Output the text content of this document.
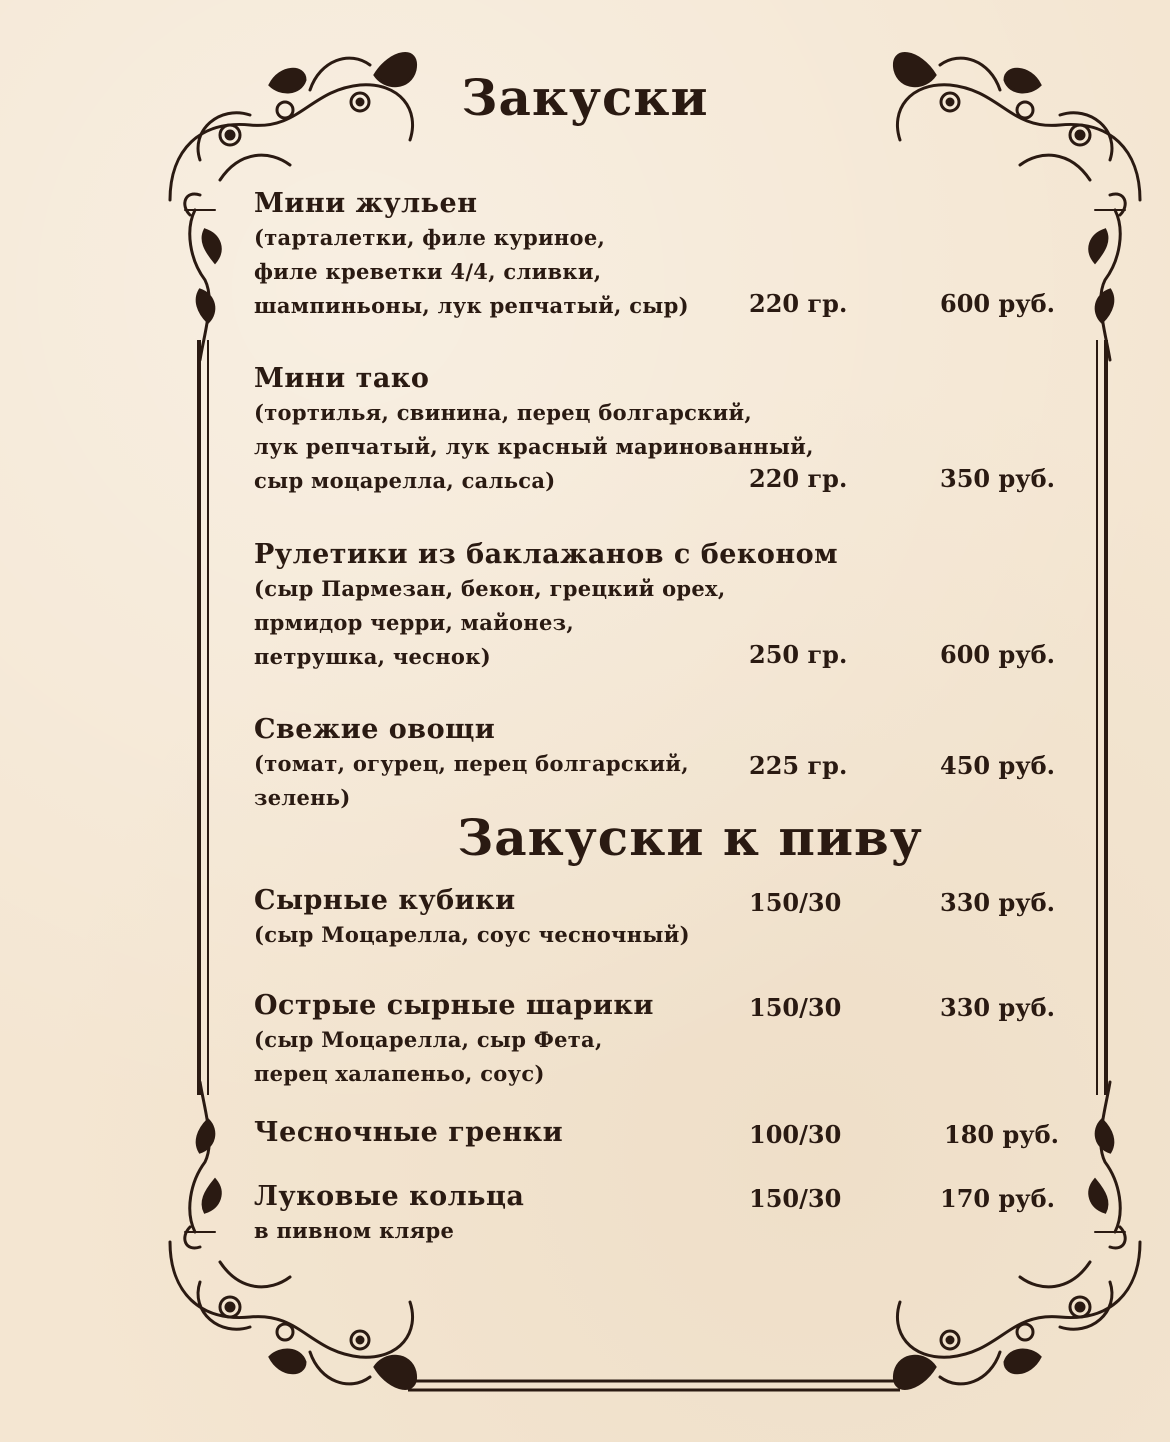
Закуски
Мини жульен
(тарталетки, филе куриное,
филе креветки 4/4, сливки,
шампиньоны, лук репчатый, сыр)	220 гр.	600 руб.
Мини тако
(тортилья, свинина, перец болгарский,
лук репчатый, лук красный маринованный,
сыр моцарелла, сальса)	220 гр.	350 руб.
Рулетики из баклажанов с беконом
(сыр Пармезан, бекон, грецкий орех,
прмидор черри, майонез,
петрушка, чеснок)	250 гр.	600 руб.
Свежие овощи
(томат, огурец, перец болгарский,
зелень)
225 гр.	450 руб.
Закуски к пиву
Сырные кубики
(сыр Моцарелла, соус чесночный)
150/30	330 руб.
Острые сырные шарики
(сыр Моцарелла, сыр Фета,
перец халапеньо, соус)
150/30	330 руб.
Чесночные гренки	100/30	180 руб.
Луковые кольца
в пивном кляре
150/30	170 руб.
